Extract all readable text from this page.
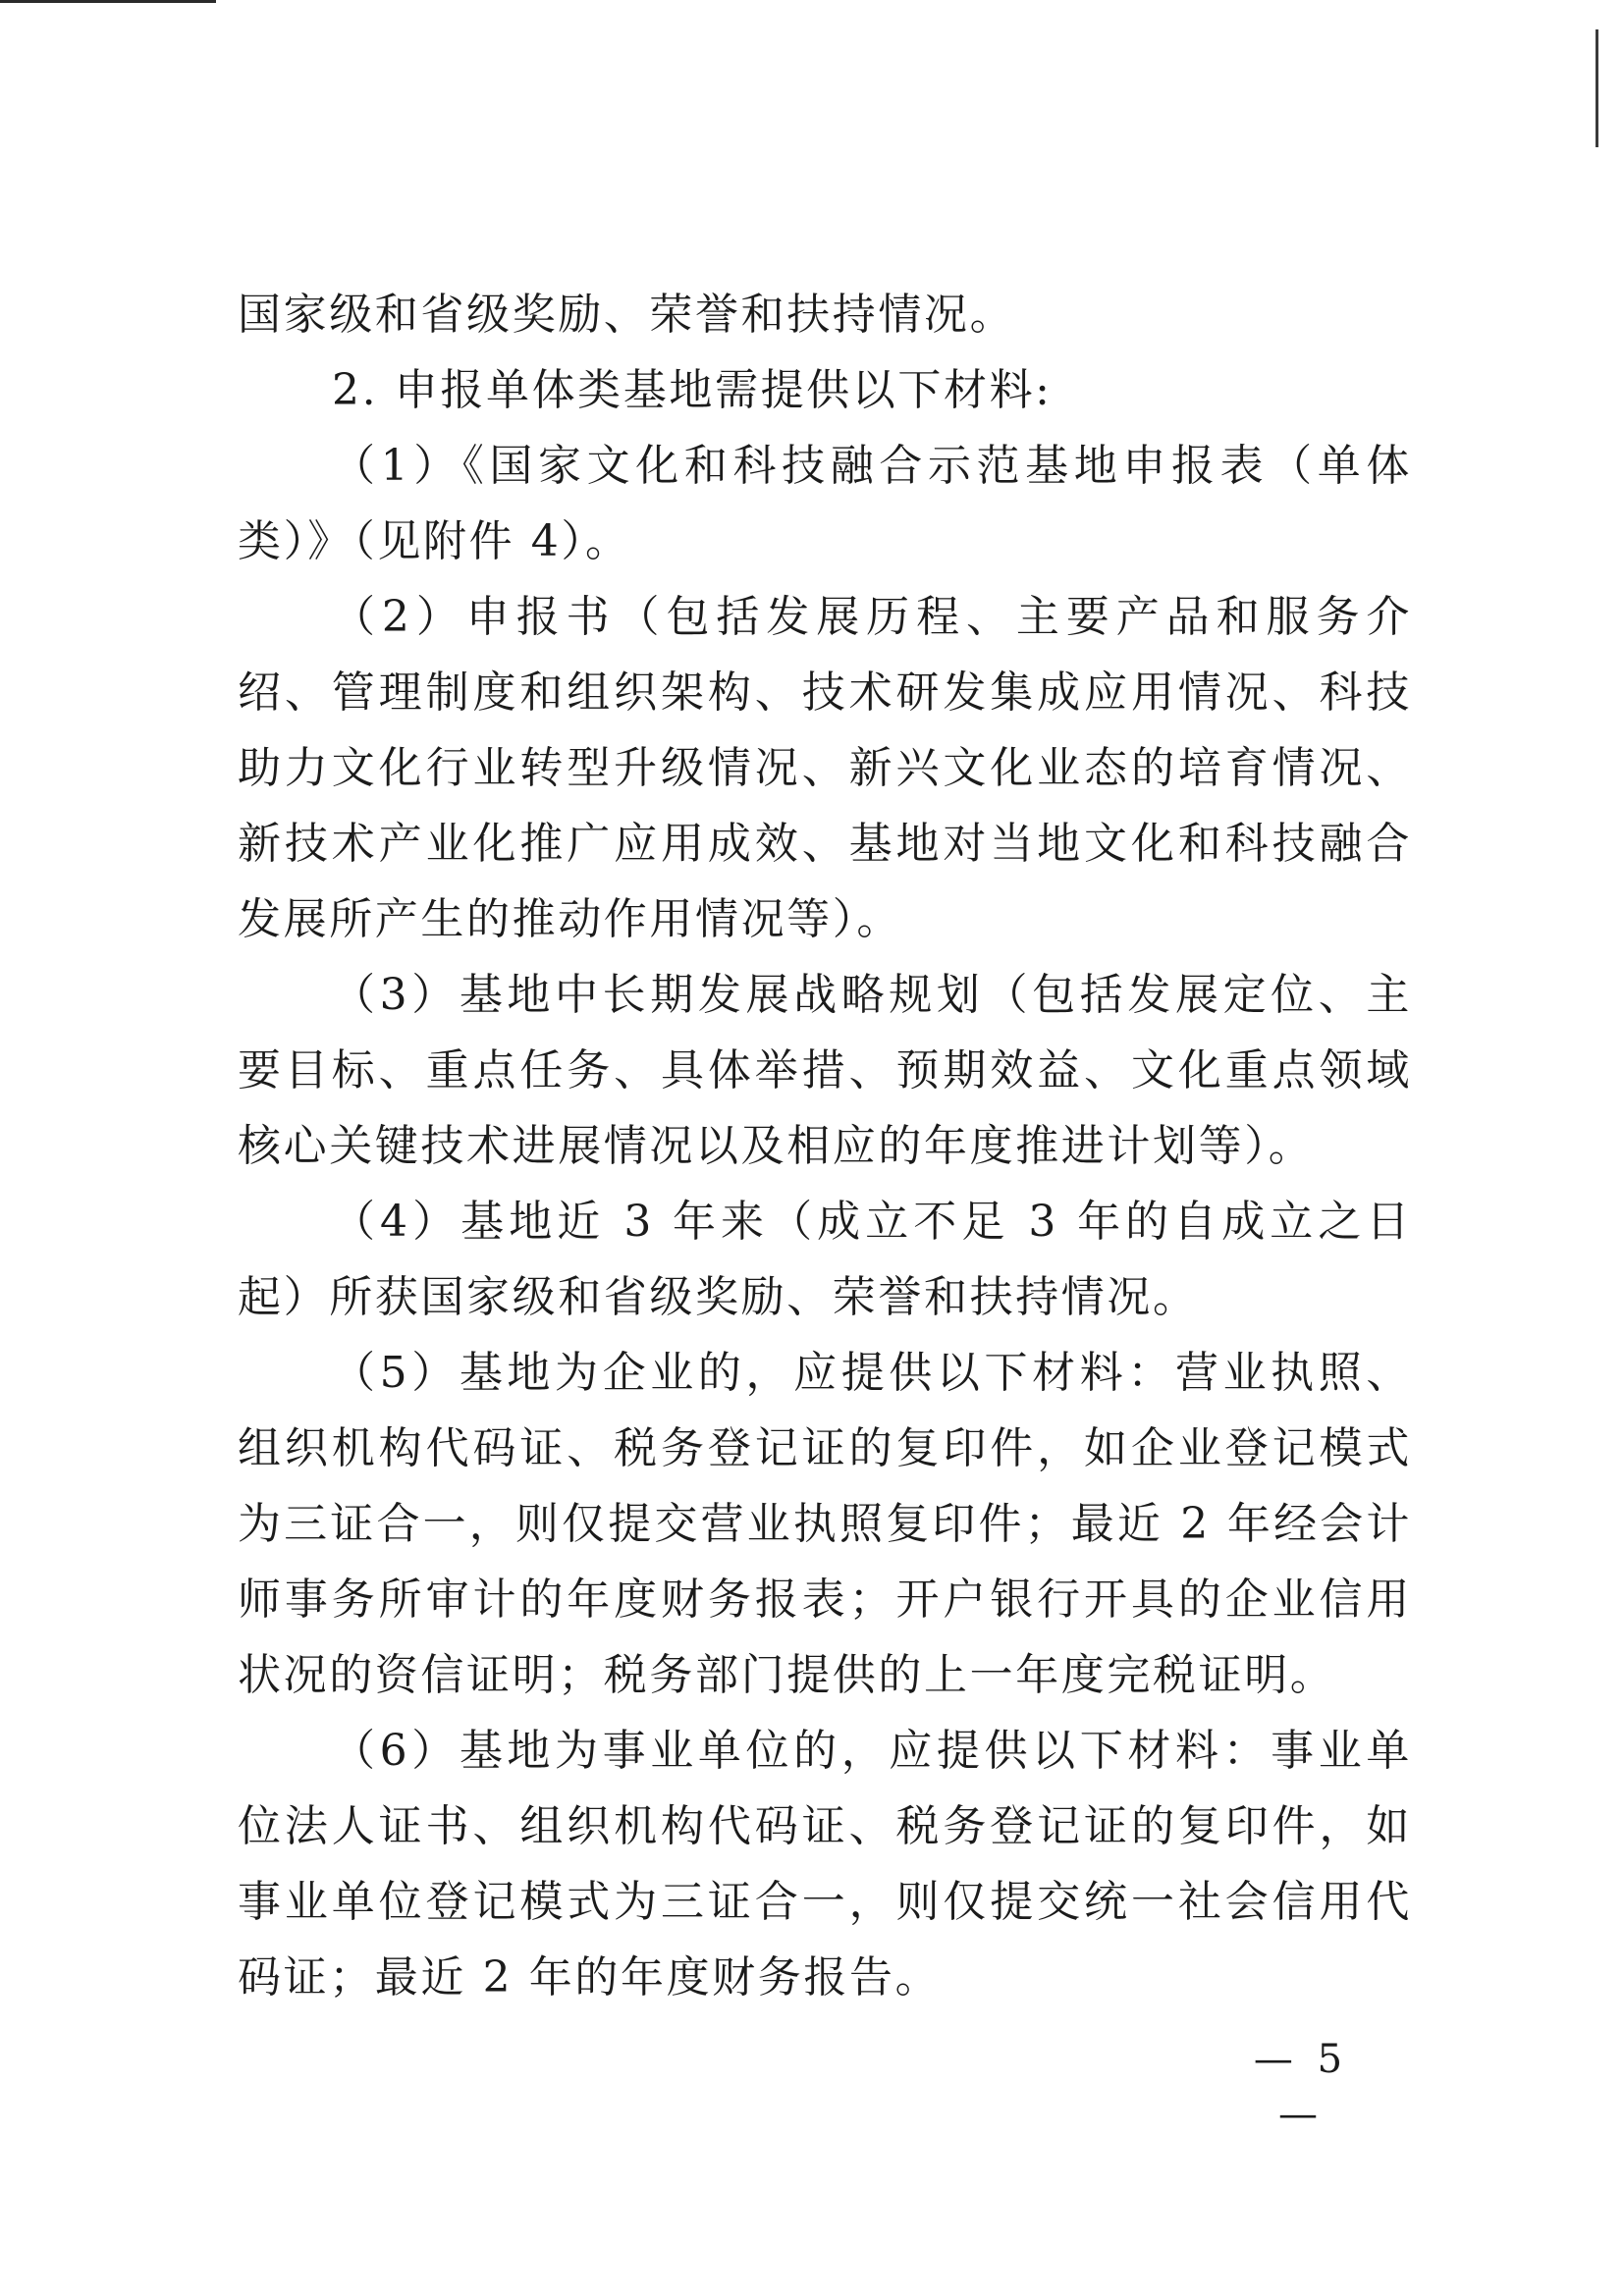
国家级和省级奖励、荣誉和扶持情况。

2. 申报单体类基地需提供以下材料:

（1）《国家文化和科技融合示范基地申报表（单体类）》（见附件 4）。

（2）申报书（包括发展历程、主要产品和服务介绍、管理制度和组织架构、技术研发集成应用情况、科技助力文化行业转型升级情况、新兴文化业态的培育情况、新技术产业化推广应用成效、基地对当地文化和科技融合发展所产生的推动作用情况等）。

（3）基地中长期发展战略规划（包括发展定位、主要目标、重点任务、具体举措、预期效益、文化重点领域核心关键技术进展情况以及相应的年度推进计划等）。

（4）基地近 3 年来（成立不足 3 年的自成立之日起）所获国家级和省级奖励、荣誉和扶持情况。

（5）基地为企业的，应提供以下材料：营业执照、组织机构代码证、税务登记证的复印件，如企业登记模式为三证合一，则仅提交营业执照复印件；最近 2 年经会计师事务所审计的年度财务报表；开户银行开具的企业信用状况的资信证明；税务部门提供的上一年度完税证明。

（6）基地为事业单位的，应提供以下材料：事业单位法人证书、组织机构代码证、税务登记证的复印件，如事业单位登记模式为三证合一，则仅提交统一社会信用代码证；最近 2 年的年度财务报告。

— 5 —
